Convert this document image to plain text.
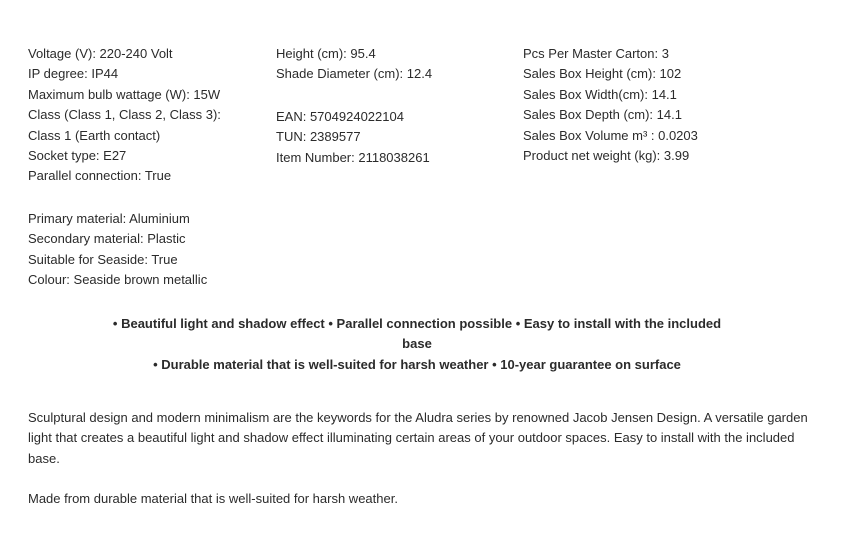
Voltage (V): 220-240 Volt
IP degree: IP44
Maximum bulb wattage (W): 15W
Class (Class 1, Class 2, Class 3):
Class 1 (Earth contact)
Socket type: E27
Parallel connection: True
Primary material: Aluminium
Secondary material: Plastic
Suitable for Seaside: True
Colour: Seaside brown metallic
Height (cm): 95.4
Shade Diameter (cm): 12.4
EAN: 5704924022104
TUN: 2389577
Item Number: 2118038261
Pcs Per Master Carton: 3
Sales Box Height (cm): 102
Sales Box Width(cm): 14.1
Sales Box Depth (cm): 14.1
Sales Box Volume m³ : 0.0203
Product net weight (kg): 3.99
• Beautiful light and shadow effect • Parallel connection possible • Easy to install with the included base
• Durable material that is well-suited for harsh weather • 10-year guarantee on surface

Sculptural design and modern minimalism are the keywords for the Aludra series by renowned Jacob Jensen Design. A versatile garden light that creates a beautiful light and shadow effect illuminating certain areas of your outdoor spaces. Easy to install with the included base.

Made from durable material that is well-suited for harsh weather.
